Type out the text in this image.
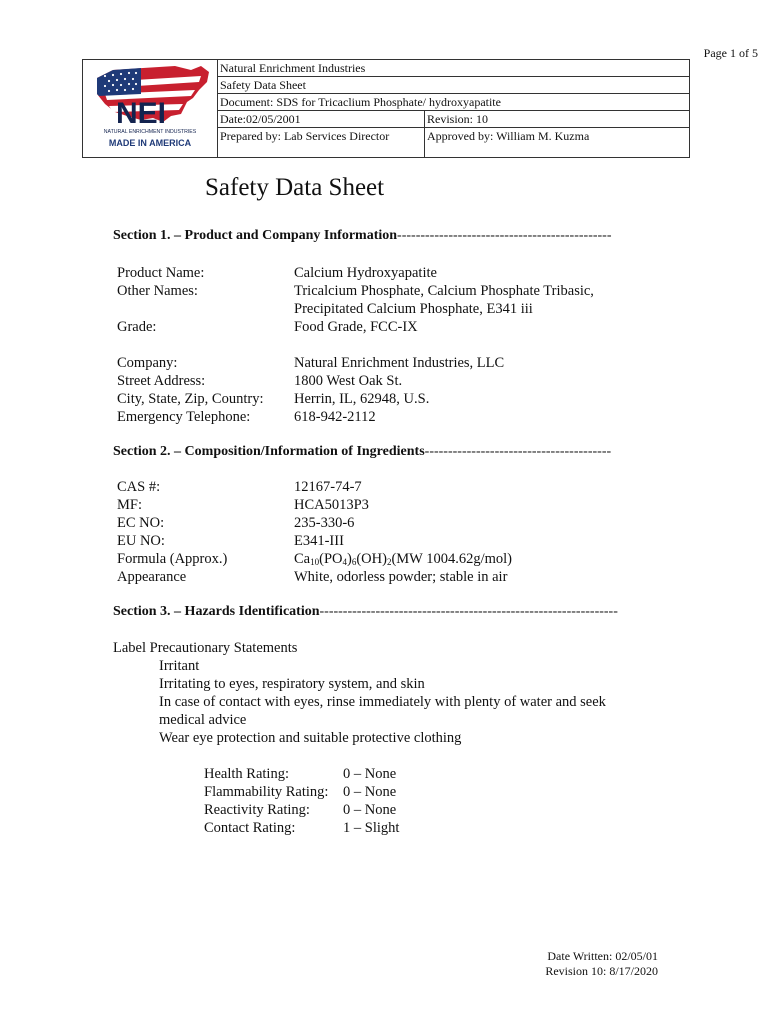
Page 1 of 5
NEI
NATURAL ENRICHMENT INDUSTRIES
MADE IN AMERICA
Natural Enrichment Industries
Safety Data Sheet
Document: SDS for Tricaclium Phosphate/ hydroxyapatite
Date:02/05/2001	Revision: 10
Prepared by: Lab Services Director	Approved by: William M. Kuzma
Safety Data Sheet
Section 1. – Product and Company Information----------------------------------------------
Product Name:	Calcium Hydroxyapatite
Other Names:	Tricalcium Phosphate, Calcium Phosphate Tribasic,
Precipitated Calcium Phosphate, E341 iii
Grade:	Food Grade, FCC-IX
Company:	Natural Enrichment Industries, LLC
Street Address:	1800 West Oak St.
City, State, Zip, Country: Herrin, IL, 62948, U.S.
Emergency Telephone:	618-942-2112
Section 2. – Composition/Information of Ingredients----------------------------------------
CAS #:	12167-74-7
MF:	HCA5013P3
EC NO:	235-330-6
EU NO:	E341-III
Formula (Approx.)	$Ca_{10}(PO_4)_6(OH)_2(MW$ 1004.62g/mol)
Appearance	White, odorless powder; stable in air
Section 3. – Hazards Identification----------------------------------------------------------------
Label Precautionary Statements
Irritant
Irritating to eyes, respiratory system, and skin
In case of contact with eyes, rinse immediately with plenty of water and seek
medical advice
Wear eye protection and suitable protective clothing
Health Rating:	0 – None
Flammability Rating: 0 – None
Reactivity Rating: 0 – None
Contact Rating:	1 – Slight
Date Written: 02/05/01
Revision 10: 8/17/2020
